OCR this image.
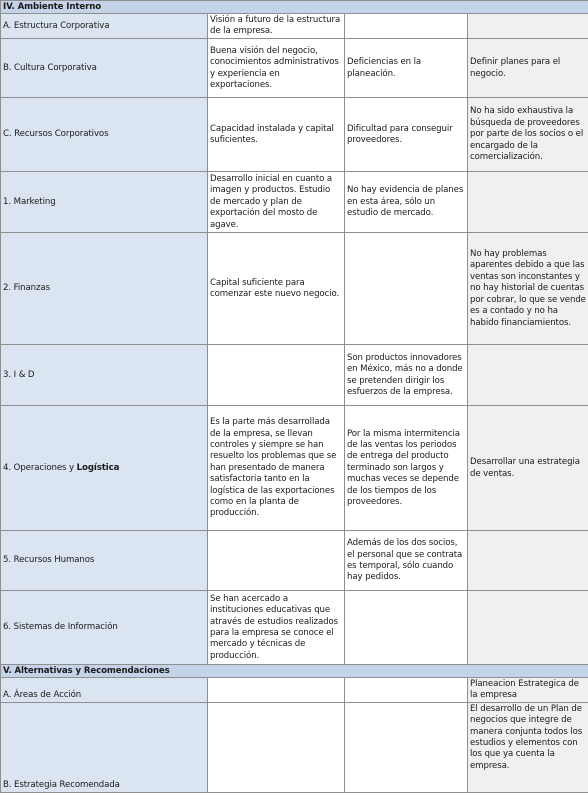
IV. Ambiente Interno			
A. Estructura Corporativa	Visión a futuro de la estructura de la empresa.		
B. Cultura Corporativa	Buena visión del negocio, conocimientos administrativos y experiencia en exportaciones.	Deficiencias en la planeación.	Definir planes para el negocio.
C. Recursos Corporativos	Capacidad instalada y capital suficientes.	Dificultad para conseguir proveedores.	No ha sido exhaustiva la búsqueda de proveedores por parte de los socios o el encargado de la comercialización.
1. Marketing	Desarrollo inicial en cuanto a imagen y productos. Estudio de mercado y plan de exportación del mosto de agave.	No hay evidencia de planes en esta área, sólo un estudio de mercado.	
2. Finanzas	Capital suficiente para comenzar este nuevo negocio.		No hay problemas aparentes debido a que las ventas son inconstantes y no hay historial de cuentas por cobrar, lo que se vende es a contado y no ha habido financiamientos.
3. I & D		Son productos innovadores en México, más no a donde se pretenden dirigir los esfuerzos de la empresa.	
4. Operaciones y Logística	Es la parte más desarrollada de la empresa, se llevan controles y siempre se han resuelto los problemas que se han presentado de manera satisfactoria tanto en la logística de las exportaciones como en la planta de producción.	Por la misma intermitencia de las ventas los periodos de entrega del producto terminado son largos y muchas veces se depende de los tiempos de los proveedores.	Desarrollar una estrategia de ventas.
5. Recursos Humanos		Además de los dos socios, el personal que se contrata es temporal, sólo cuando hay pedidos.	
6. Sistemas de Información	Se han acercado a instituciones educativas que através de estudios realizados para la empresa se conoce el mercado y técnicas de producción.		
V. Alternativas y Recomendaciones			
A. Áreas de Acción			Planeacion Estrategica de la empresa
B. Estrategia Recomendada			El desarrollo de un Plan de negocios que integre de manera conjunta todos los estudios y elementos con los que ya cuenta la empresa.
